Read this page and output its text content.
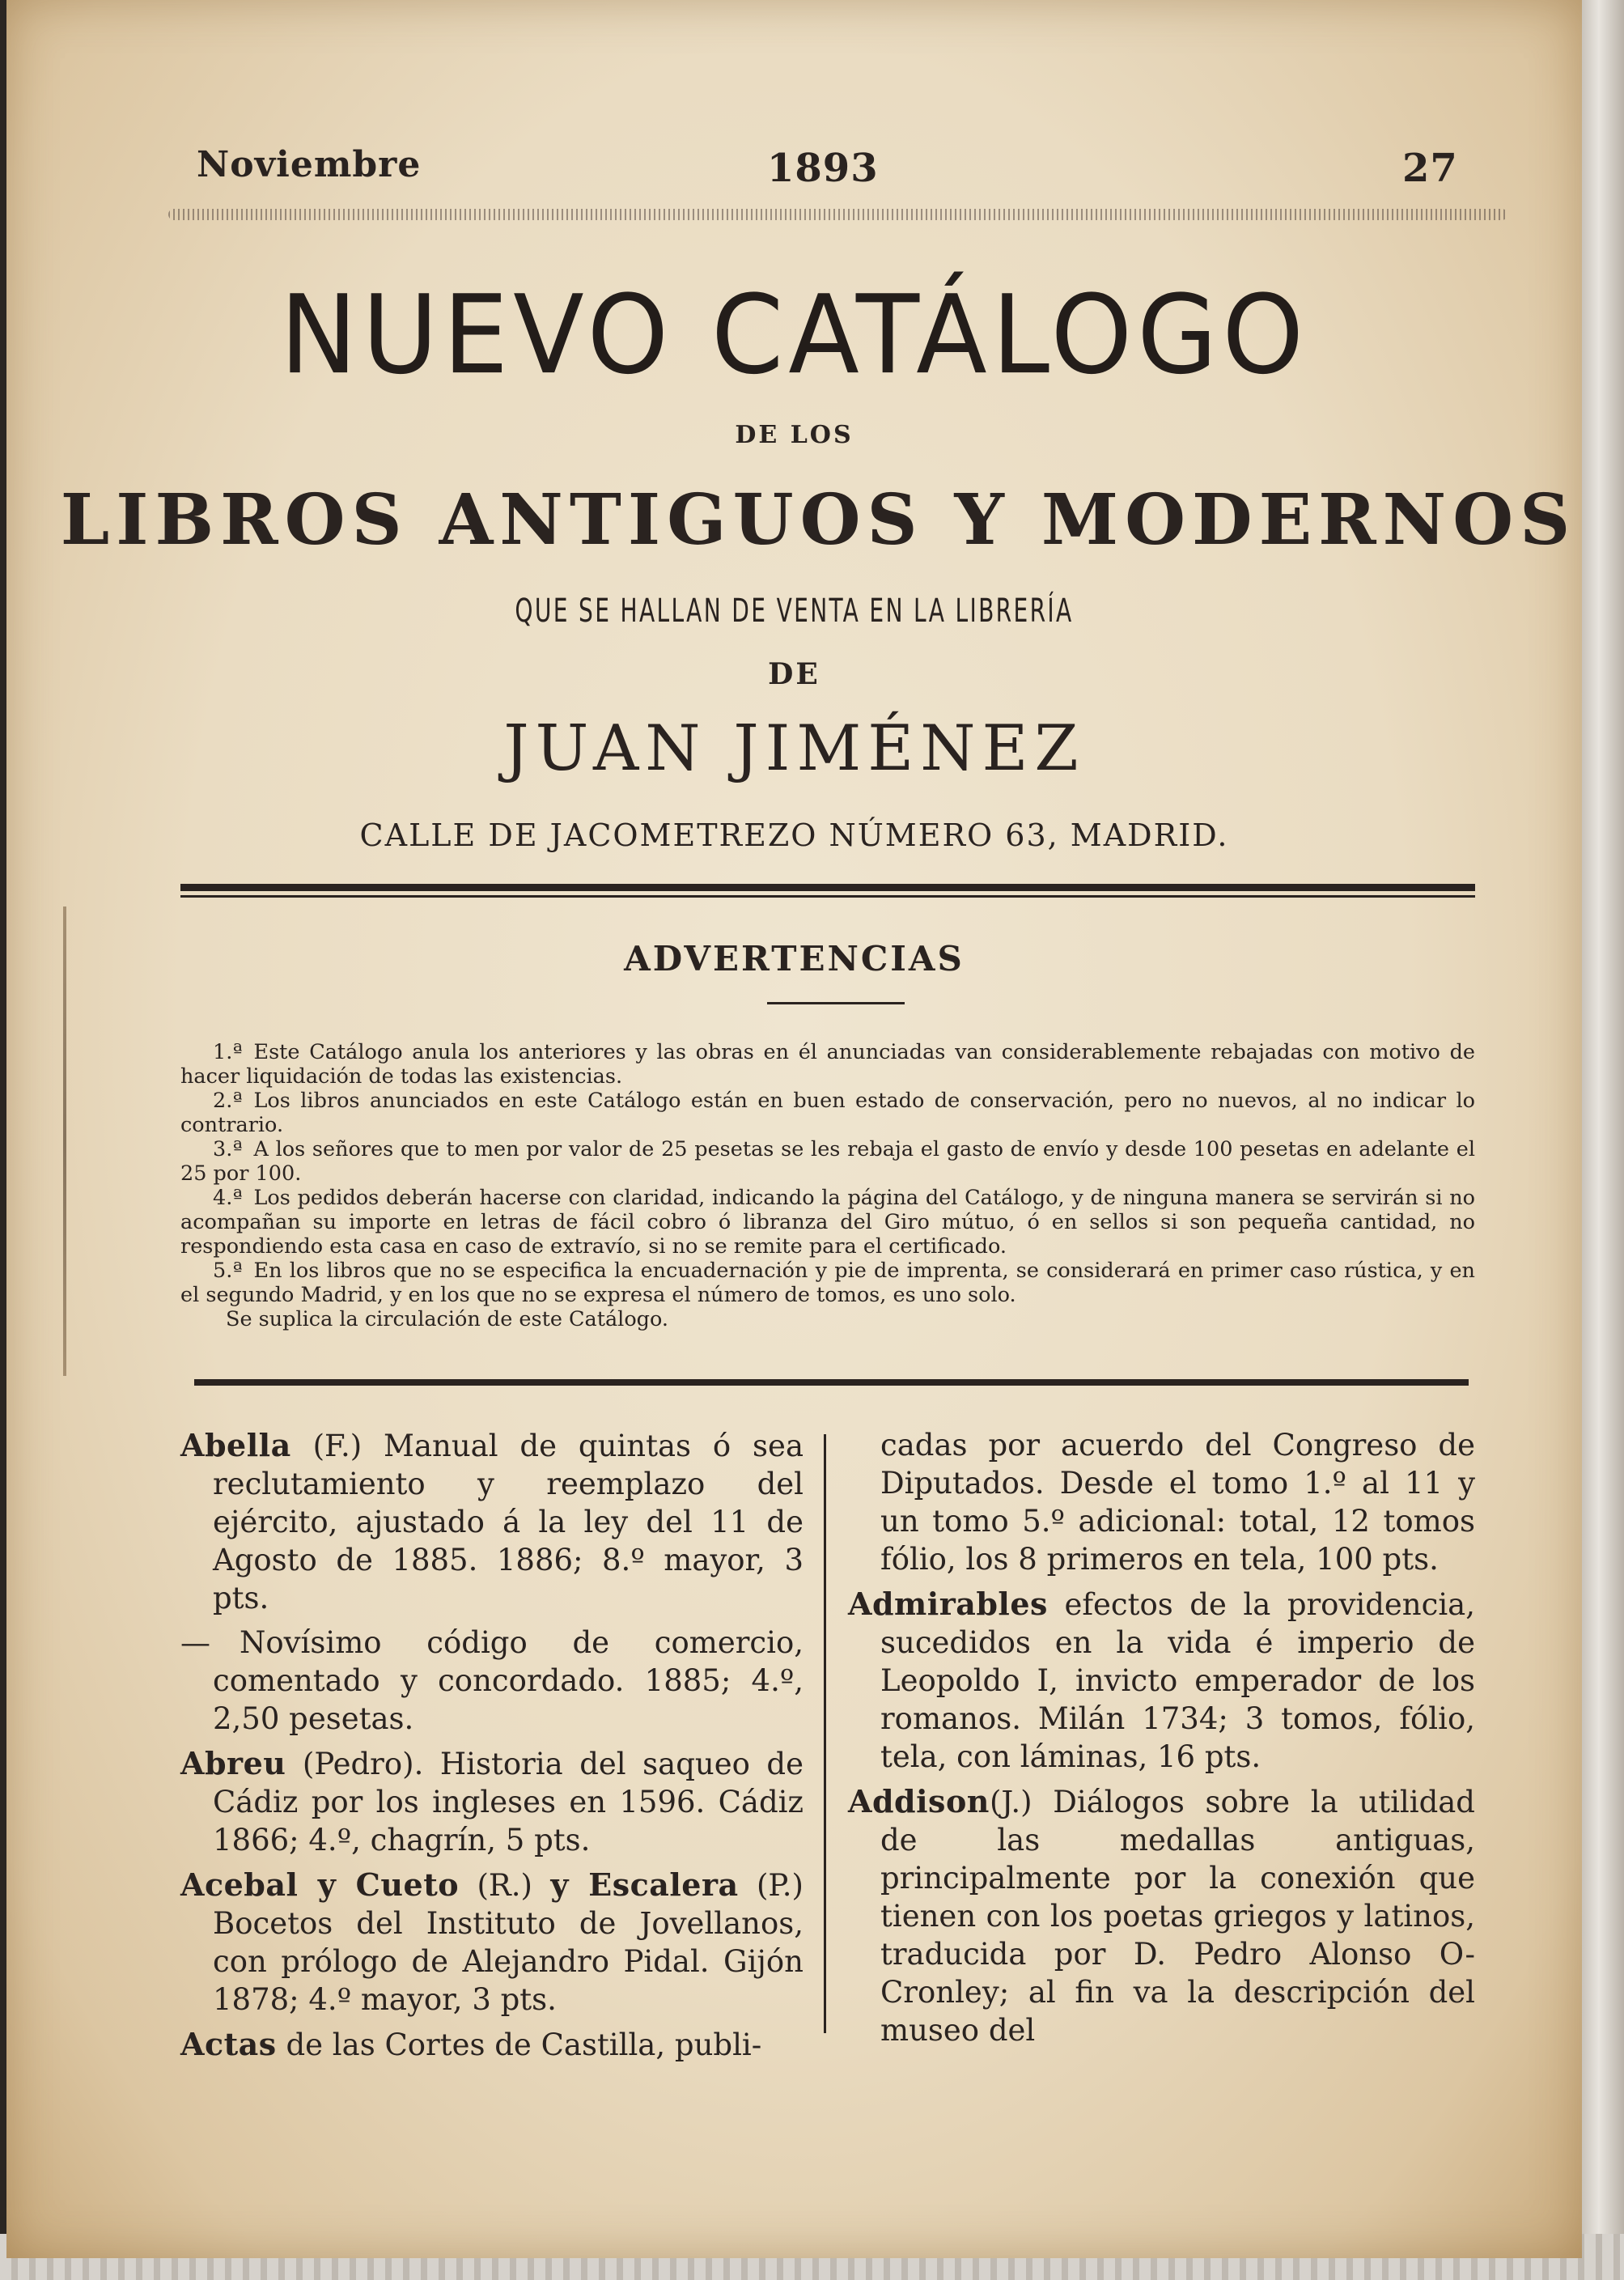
Noviembre	1893	27
NUEVO CATÁLOGO
DE LOS
LIBROS ANTIGUOS Y MODERNOS
QUE SE HALLAN DE VENTA EN LA LIBRERÍA
DE
JUAN JIMÉNEZ
CALLE DE JACOMETREZO NÚMERO 63, MADRID.
ADVERTENCIAS

1.ª Este Catálogo anula los anteriores y las obras en él anunciadas van considerablemente rebajadas con motivo de hacer liquidación de todas las existencias.

2.ª Los libros anunciados en este Catálogo están en buen estado de conservación, pero no nuevos, al no indicar lo contrario.

3.ª A los señores que to men por valor de 25 pesetas se les rebaja el gasto de envío y desde 100 pesetas en adelante el 25 por 100.

4.ª Los pedidos deberán hacerse con claridad, indicando la página del Catálogo, y de ninguna manera se servirán si no acompañan su importe en letras de fácil cobro ó libranza del Giro mútuo, ó en sellos si son pequeña cantidad, no respondiendo esta casa en caso de extravío, si no se remite para el certificado.

5.ª En los libros que no se especifica la encuadernación y pie de imprenta, se considerará en primer caso rústica, y en el segundo Madrid, y en los que no se expresa el número de tomos, es uno solo.

Se suplica la circulación de este Catálogo.

Abella (F.) Manual de quintas ó sea reclutamiento y reemplazo del ejército, ajustado á la ley del 11 de Agosto de 1885. 1886; 8.º mayor, 3 pts.

— Novísimo código de comercio, comentado y concordado. 1885; 4.º, 2,50 pesetas.

Abreu (Pedro). Historia del saqueo de Cádiz por los ingleses en 1596. Cádiz 1866; 4.º, chagrín, 5 pts.

Acebal y Cueto (R.) y Escalera (P.) Bocetos del Instituto de Jovellanos, con prólogo de Alejandro Pidal. Gijón 1878; 4.º mayor, 3 pts.

Actas de las Cortes de Castilla, publi-

cadas por acuerdo del Congreso de Diputados. Desde el tomo 1.º al 11 y un tomo 5.º adicional: total, 12 tomos fólio, los 8 primeros en tela, 100 pts.

Admirables efectos de la providencia, sucedidos en la vida é imperio de Leopoldo I, invicto emperador de los romanos. Milán 1734; 3 tomos, fólio, tela, con láminas, 16 pts.

Addison(J.) Diálogos sobre la utilidad de las medallas antiguas, principalmente por la conexión que tienen con los poetas griegos y latinos, traducida por D. Pedro Alonso O-Cronley; al fin va la descripción del museo del
